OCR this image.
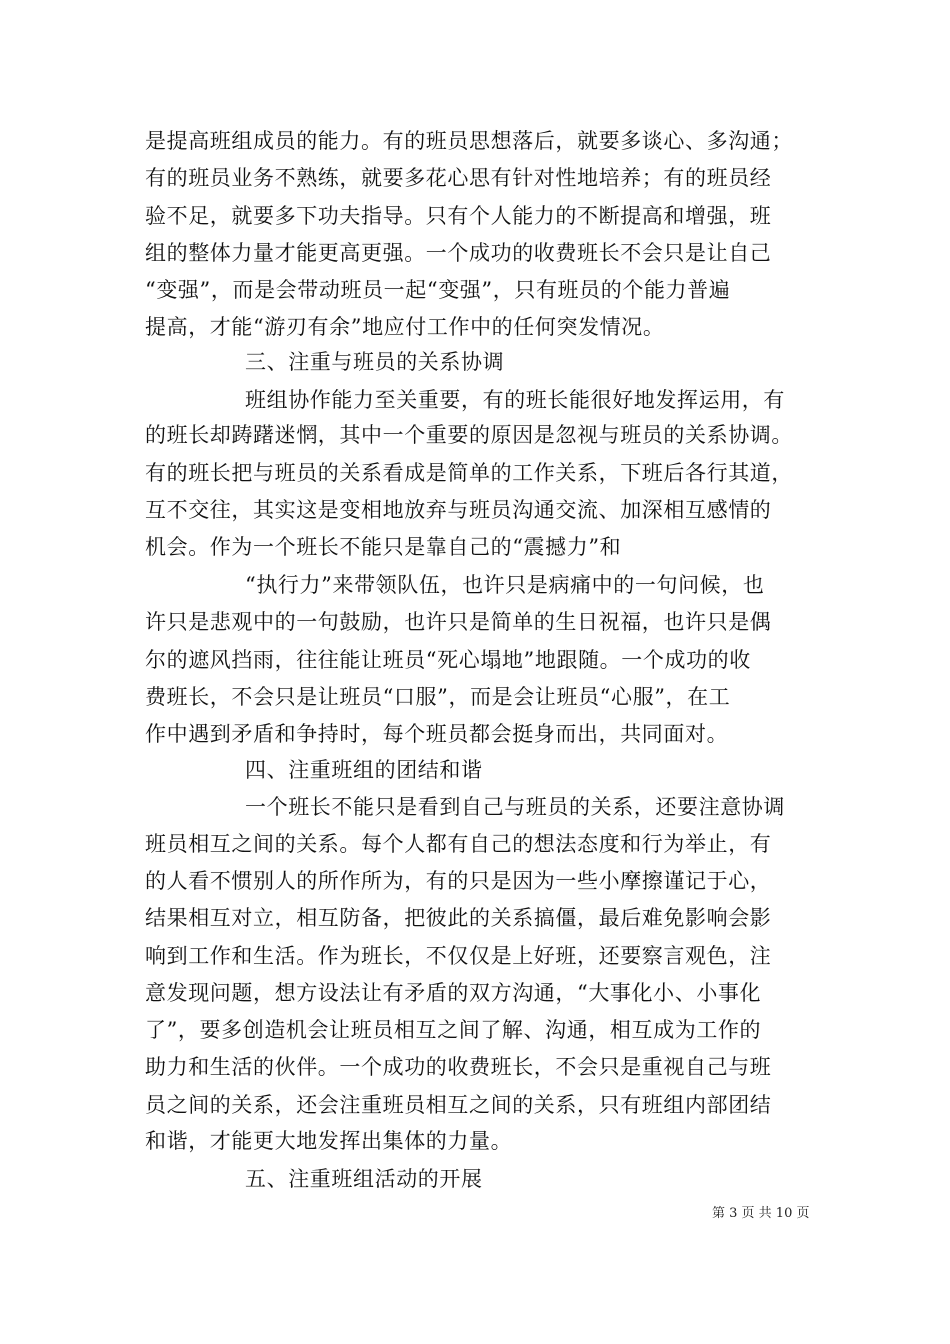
是提高班组成员的能力。有的班员思想落后，就要多谈心、多沟通；
有的班员业务不熟练，就要多花心思有针对性地培养；有的班员经
验不足，就要多下功夫指导。只有个人能力的不断提高和增强，班
组的整体力量才能更高更强。一个成功的收费班长不会只是让自己
“变强”，而是会带动班员一起“变强”，只有班员的个能力普遍
提高，才能“游刃有余”地应付工作中的任何突发情况。
三、注重与班员的关系协调
班组协作能力至关重要，有的班长能很好地发挥运用，有
的班长却踌躇迷惘，其中一个重要的原因是忽视与班员的关系协调。
有的班长把与班员的关系看成是简单的工作关系，下班后各行其道，
互不交往，其实这是变相地放弃与班员沟通交流、加深相互感情的
机会。作为一个班长不能只是靠自己的“震撼力”和
“执行力”来带领队伍，也许只是病痛中的一句问候，也
许只是悲观中的一句鼓励，也许只是简单的生日祝福，也许只是偶
尔的遮风挡雨，往往能让班员“死心塌地”地跟随。一个成功的收
费班长，不会只是让班员“口服”，而是会让班员“心服”，在工
作中遇到矛盾和争持时，每个班员都会挺身而出，共同面对。
四、注重班组的团结和谐
一个班长不能只是看到自己与班员的关系，还要注意协调
班员相互之间的关系。每个人都有自己的想法态度和行为举止，有
的人看不惯别人的所作所为，有的只是因为一些小摩擦谨记于心，
结果相互对立，相互防备，把彼此的关系搞僵，最后难免影响会影
响到工作和生活。作为班长，不仅仅是上好班，还要察言观色，注
意发现问题，想方设法让有矛盾的双方沟通，“大事化小、小事化
了”，要多创造机会让班员相互之间了解、沟通，相互成为工作的
助力和生活的伙伴。一个成功的收费班长，不会只是重视自己与班
员之间的关系，还会注重班员相互之间的关系，只有班组内部团结
和谐，才能更大地发挥出集体的力量。
五、注重班组活动的开展
第 3 页 共 10 页
